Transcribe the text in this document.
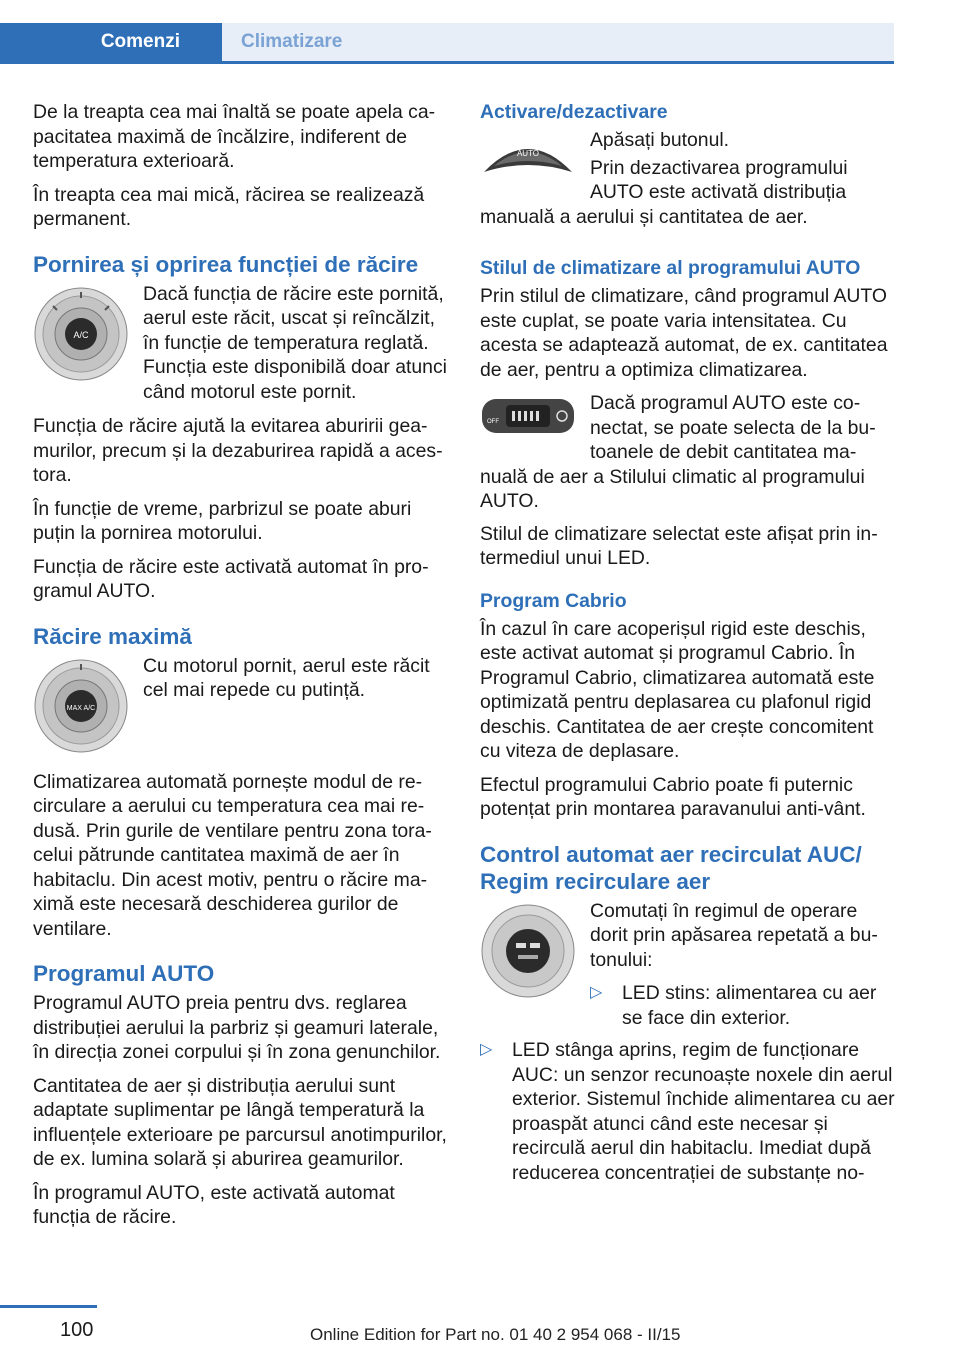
Comenzi	Climatizare

De la treapta cea mai înaltă se poate apela capacitatea maximă de încălzire, indiferent de temperatura exterioară.

În treapta cea mai mică, răcirea se realizează permanent.

Pornirea și oprirea funcției de răcire
A/C
Dacă funcția de răcire este pornită, aerul este răcit, uscat și reîncălzit, în funcție de temperatura reglată. Funcția este disponibilă doar atunci când motorul este pornit.

Funcția de răcire ajută la evitarea aburirii geamurilor, precum și la dezaburirea rapidă a acestora.

În funcție de vreme, parbrizul se poate aburi puțin la pornirea motorului.

Funcția de răcire este activată automat în programul AUTO.

Răcire maximă
MAX A/C
Cu motorul pornit, aerul este răcit cel mai repede cu putință.

Climatizarea automată pornește modul de recirculare a aerului cu temperatura cea mai redusă. Prin gurile de ventilare pentru zona toracelui pătrunde cantitatea maximă de aer în habitaclu. Din acest motiv, pentru o răcire maximă este necesară deschiderea gurilor de ventilare.

Programul AUTO

Programul AUTO preia pentru dvs. reglarea distribuției aerului la parbriz și geamuri laterale, în direcția zonei corpului și în zona genunchilor.

Cantitatea de aer și distribuția aerului sunt adaptate suplimentar pe lângă temperatură la influențele exterioare pe parcursul anotimpurilor, de ex. lumina solară și aburirea geamurilor.

În programul AUTO, este activată automat funcția de răcire.

Activare/dezactivare
AUTO

Apăsați butonul.

Prin dezactivarea programului AUTO este activată distribuția manuală a aerului și cantitatea de aer.

Stilul de climatizare al programului AUTO

Prin stilul de climatizare, când programul AUTO este cuplat, se poate varia intensitatea. Cu acesta se adaptează automat, de ex. cantitatea de aer, pentru a optimiza climatizarea.

OFF
Dacă programul AUTO este conectat, se poate selecta de la butoanele de debit cantitatea manuală de aer a Stilului climatic al programului AUTO.

Stilul de climatizare selectat este afișat prin intermediul unui LED.

Program Cabrio

În cazul în care acoperișul rigid este deschis, este activat automat și programul Cabrio. În Programul Cabrio, climatizarea automată este optimizată pentru deplasarea cu plafonul rigid deschis. Cantitatea de aer crește concomitent cu viteza de deplasare.

Efectul programului Cabrio poate fi puternic potențat prin montarea paravanului anti-vânt.

Control automat aer recirculat AUC/ Regim recirculare aer

Comutați în regimul de operare dorit prin apăsarea repetată a butonului:

▷ LED stins: alimentarea cu aer se face din exterior.
▷ LED stânga aprins, regim de funcționare AUC: un senzor recunoaște noxele din aerul exterior. Sistemul închide alimentarea cu aer proaspăt atunci când este necesar și recirculă aerul din habitaclu. Imediat după reducerea concentrației de substanțe no-
100	Online Edition for Part no. 01 40 2 954 068 - II/15
